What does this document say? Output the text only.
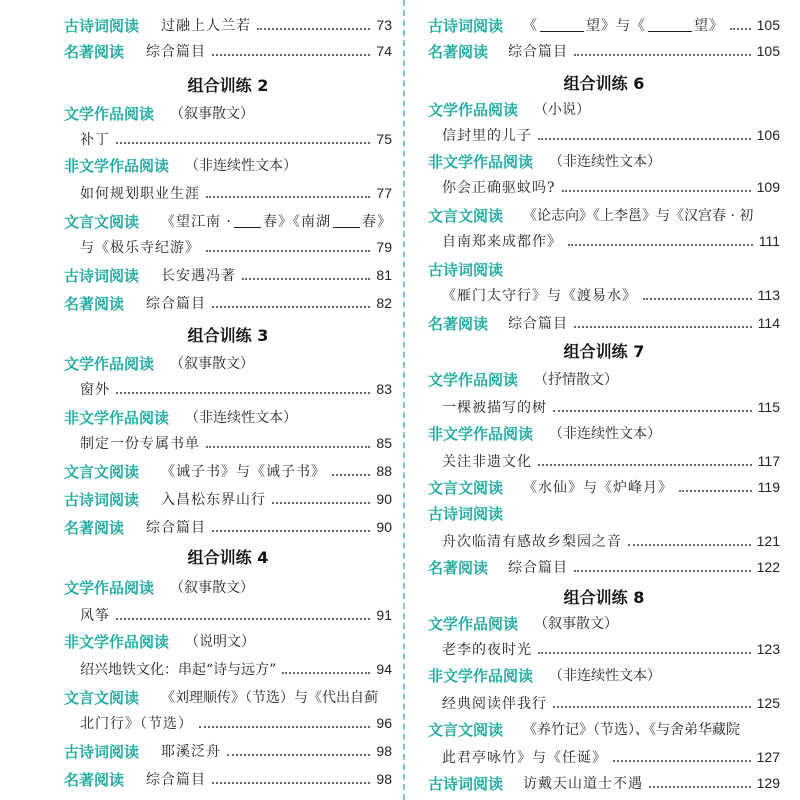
古诗词阅读 过融上人兰若	73
名著阅读 综合篇目	74
组合训练 2
文学作品阅读 （叙事散文）
补丁	75
非文学作品阅读 （非连续性文本）
如何规划职业生涯	77
文言文阅读 《望江南 · 春》《南湖 春》
与《极乐寺纪游》	79
古诗词阅读 长安遇冯著	81
名著阅读 综合篇目	82
组合训练 3
文学作品阅读 （叙事散文）
窗外	83
非文学作品阅读 （非连续性文本）
制定一份专属书单	85
文言文阅读 《诫子书》与《诫子书》	88
古诗词阅读 入昌松东界山行	90
名著阅读 综合篇目	90
组合训练 4
文学作品阅读 （叙事散文）
风筝	91
非文学作品阅读 （说明文）
绍兴地铁文化：串起“诗与远方”	94
文言文阅读 《刘理顺传》（节选）与《代出自蓟
北门行》（节选）	96
古诗词阅读 耶溪泛舟	98
名著阅读 综合篇目	98
古诗词阅读 《	望》与《	望》 105
名著阅读 综合篇目	105
组合训练 6
文学作品阅读 （小说）
信封里的儿子	106
非文学作品阅读 （非连续性文本）
你会正确驱蚊吗?	109
文言文阅读 《论志向》《上李邕》与《汉宫春 · 初
自南郑来成都作》	111
古诗词阅读
《雁门太守行》与《渡易水》	113
名著阅读 综合篇目	114
组合训练 7
文学作品阅读 （抒情散文）
一棵被描写的树	115
非文学作品阅读 （非连续性文本）
关注非遗文化	117
文言文阅读 《水仙》与《炉峰月》	119
古诗词阅读
舟次临清有感故乡梨园之音	121
名著阅读 综合篇目	122
组合训练 8
文学作品阅读 （叙事散文）
老李的夜时光	123
非文学作品阅读 （非连续性文本）
经典阅读伴我行	125
文言文阅读 《养竹记》（节选）、《与舍弟华藏院
此君亭咏竹》与《任诞》	127
古诗词阅读 访戴天山道士不遇	129
